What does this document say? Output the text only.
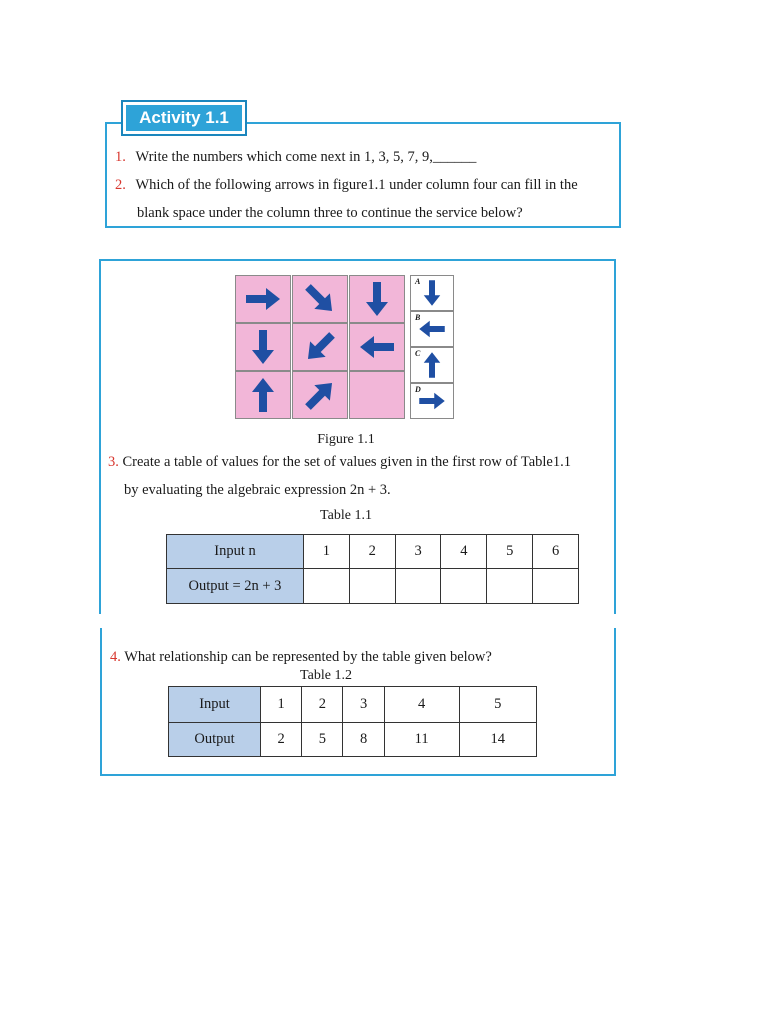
Activity 1.1
1. Write the numbers which come next in 1, 3, 5, 7, 9,______
2. Which of the following arrows in figure1.1 under column four can fill in the
blank space under the column three to continue the service below?
A
B
C
D
Figure 1.1
3. Create a table of values for the set of values given in the first row of Table1.1
by evaluating the algebraic expression 2n + 3.
Table 1.1
Input n	1	2	3	4	5	6
Output = 2n + 3						
4. What relationship can be represented by the table given below?
Table 1.2
Input	1	2	3	4	5
Output	2	5	8	11	14
